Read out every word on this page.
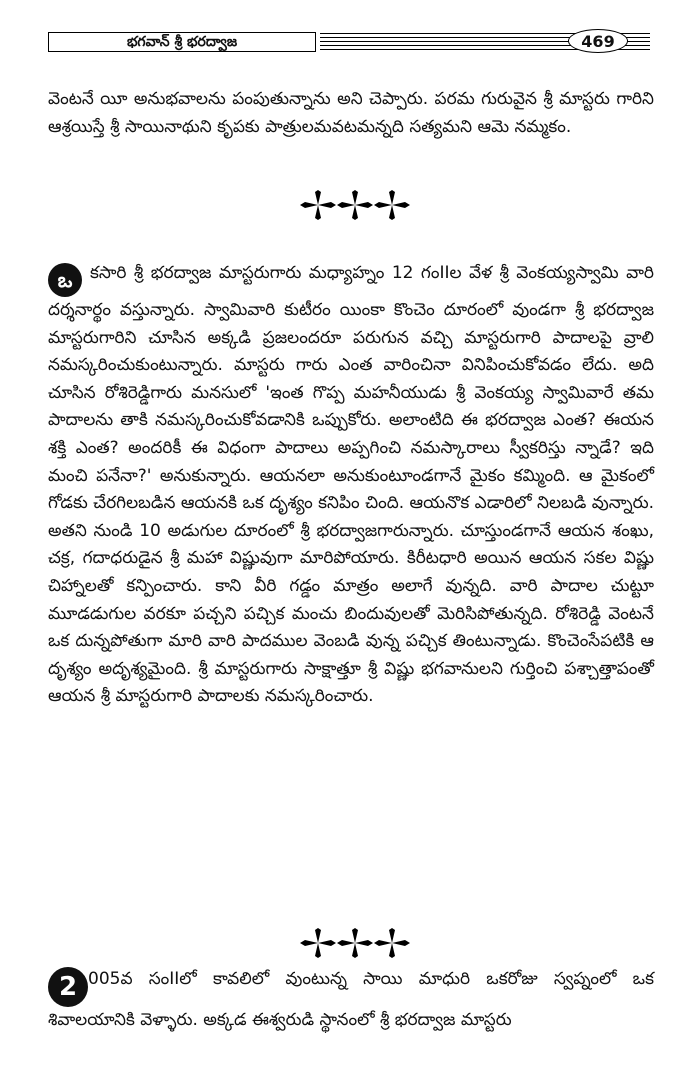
భగవాన్ శ్రీ భరద్వాజ	469
వెంటనే యీ అనుభవాలను పంపుతున్నాను అని చెప్పారు. పరమ గురువైన శ్రీ మాస్టరు గారిని ఆశ్రయిస్తే శ్రీ సాయినాథుని కృపకు పాత్రులమవటమన్నది సత్యమని ఆమె నమ్మకం.
ఒ కసారి శ్రీ భరద్వాజ మాస్టరుగారు మధ్యాహ్నం 12 గంIIల వేళ శ్రీ వెంకయ్యస్వామి వారి దర్శనార్థం వస్తున్నారు. స్వామివారి కుటీరం యింకా కొంచెం దూరంలో వుండగా శ్రీ భరద్వాజ మాస్టరుగారిని చూసిన అక్కడి ప్రజలందరూ పరుగున వచ్చి మాస్టరుగారి పాదాలపై వ్రాలి నమస్కరించుకుంటున్నారు. మాస్టరు గారు ఎంత వారించినా వినిపించుకోవడం లేదు. అది చూసిన రోశిరెడ్డిగారు మనసులో 'ఇంత గొప్ప మహనీయుడు శ్రీ వెంకయ్య స్వామివారే తమ పాదాలను తాకి నమస్కరించుకోవడానికి ఒప్పుకోరు. అలాంటిది ఈ భరద్వాజ ఎంత? ఈయన శక్తి ఎంత? అందరికీ ఈ విధంగా పాదాలు అప్పగించి నమస్కారాలు స్వీకరిస్తు న్నాడే? ఇది మంచి పనేనా?' అనుకున్నారు. ఆయనలా అనుకుంటూండగానే మైకం కమ్మింది. ఆ మైకంలో గోడకు చేరగిలబడిన ఆయనకి ఒక దృశ్యం కనిపిం చింది. ఆయనొక ఎడారిలో నిలబడి వున్నారు. అతని నుండి 10 అడుగుల దూరంలో శ్రీ భరద్వాజగారున్నారు. చూస్తుండగానే ఆయన శంఖు, చక్ర, గదాధరుడైన శ్రీ మహా విష్ణువుగా మారిపోయారు. కిరీటధారి అయిన ఆయన సకల విష్ణు చిహ్నాలతో కన్పించారు. కాని వీరి గడ్డం మాత్రం అలాగే వున్నది. వారి పాదాల చుట్టూ మూడడుగుల వరకూ పచ్చని పచ్చిక మంచు బిందువులతో మెరిసిపోతున్నది. రోశిరెడ్డి వెంటనే ఒక దున్నపోతుగా మారి వారి పాదముల వెంబడి వున్న పచ్చిక తింటున్నాడు. కొంచెంసేపటికి ఆ దృశ్యం అదృశ్యమైంది. శ్రీ మాస్టరుగారు సాక్షాత్తూ శ్రీ విష్ణు భగవానులని గుర్తించి పశ్చాత్తాపంతో ఆయన శ్రీ మాస్టరుగారి పాదాలకు నమస్కరించారు.
2 005వ సంIIలో కావలిలో వుంటున్న సాయి మాధురి ఒకరోజు స్వప్నంలో ఒక శివాలయానికి వెళ్ళారు. అక్కడ ఈశ్వరుడి స్థానంలో శ్రీ భరద్వాజ మాస్టరు
